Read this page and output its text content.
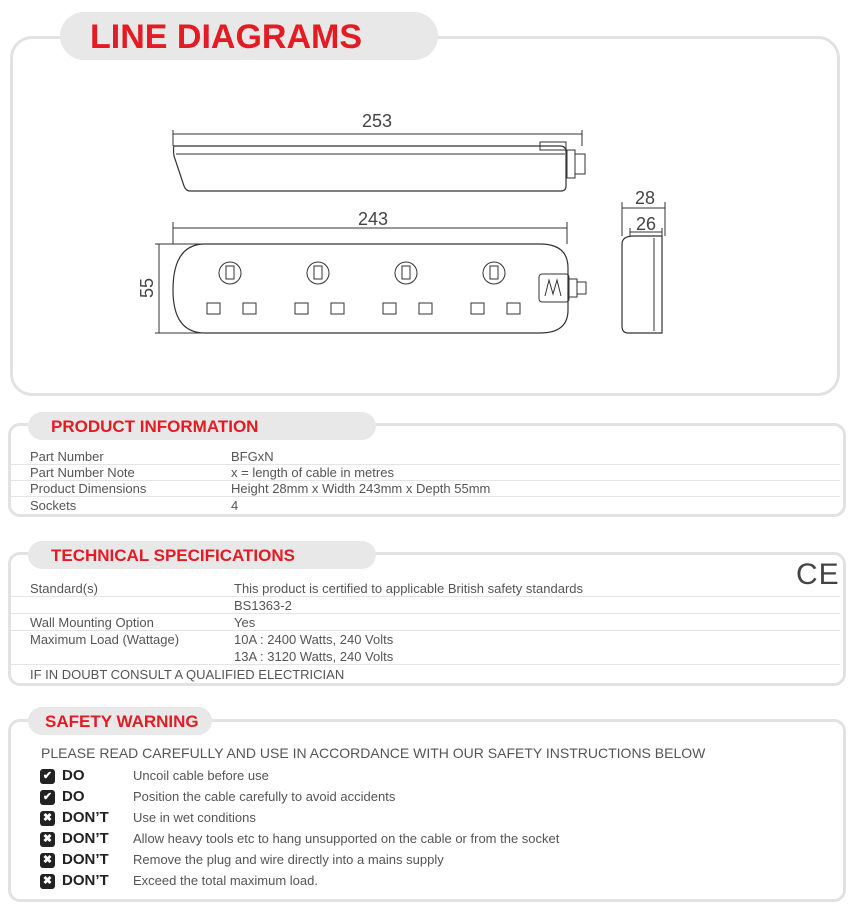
LINE DIAGRAMS
253
243
55
28
26
PRODUCT INFORMATION
Part Number	BFGxN
Part Number Note	x = length of cable in metres
Product Dimensions	Height 28mm x Width 243mm x Depth 55mm
Sockets	4
TECHNICAL SPECIFICATIONS
CE
Standard(s)	This product is certified to applicable British safety standards
BS1363-2
Wall Mounting Option	Yes
Maximum Load (Wattage)	10A : 2400 Watts, 240 Volts
13A : 3120 Watts, 240 Volts
IF IN DOUBT CONSULT A QUALIFIED ELECTRICIAN
SAFETY WARNING
PLEASE READ CAREFULLY AND USE IN ACCORDANCE WITH OUR SAFETY INSTRUCTIONS BELOW
✔ DO	Uncoil cable before use
✔ DO	Position the cable carefully to avoid accidents
✖ DON’T Use in wet conditions
✖ DON’T Allow heavy tools etc to hang unsupported on the cable or from the socket
✖ DON’T Remove the plug and wire directly into a mains supply
✖ DON’T Exceed the total maximum load.
